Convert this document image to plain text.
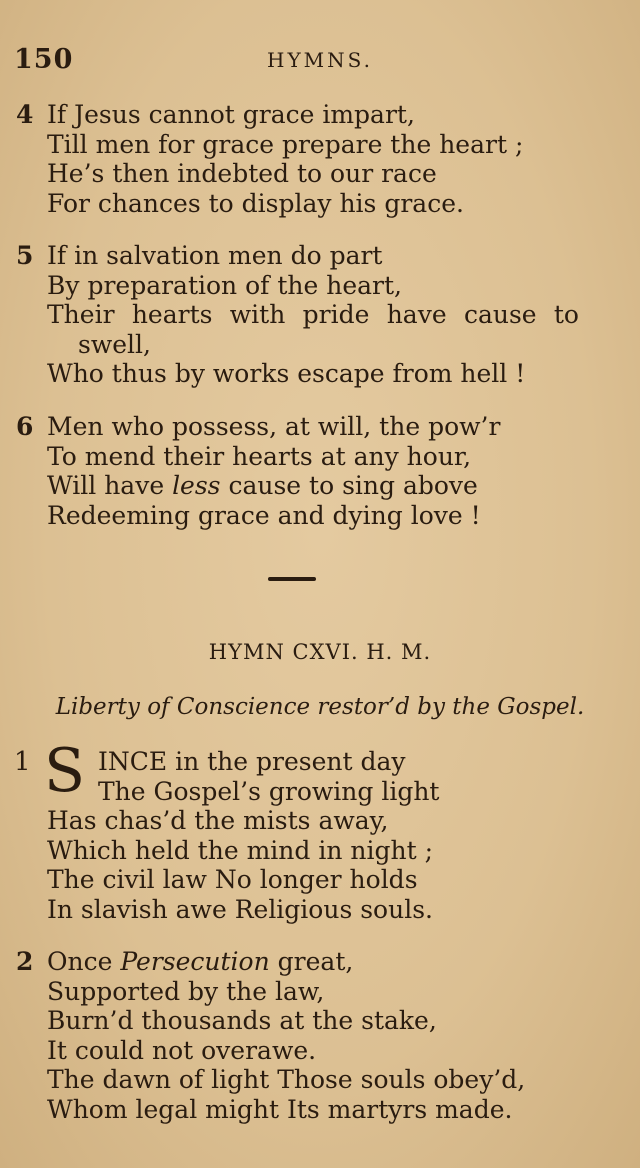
150	HYMNS.
4 If Jesus cannot grace impart,
Till men for grace prepare the heart ;
He’s then indebted to our race
For chances to display his grace.
5 If in salvation men do part
By preparation of the heart,
Their hearts with pride have cause to
swell,
Who thus by works escape from hell !
6 Men who possess, at will, the pow’r
To mend their hearts at any hour,
Will have less cause to sing above
Redeeming grace and dying love !
HYMN CXVI. H. M.
Liberty of Conscience restor’d by the Gospel.
1 S INCE in the present day
The Gospel’s growing light
Has chas’d the mists away,
Which held the mind in night ;
The civil law No longer holds
In slavish awe Religious souls.
2 Once Persecution great,
Supported by the law,
Burn’d thousands at the stake,
It could not overawe.
The dawn of light Those souls obey’d,
Whom legal might Its martyrs made.
